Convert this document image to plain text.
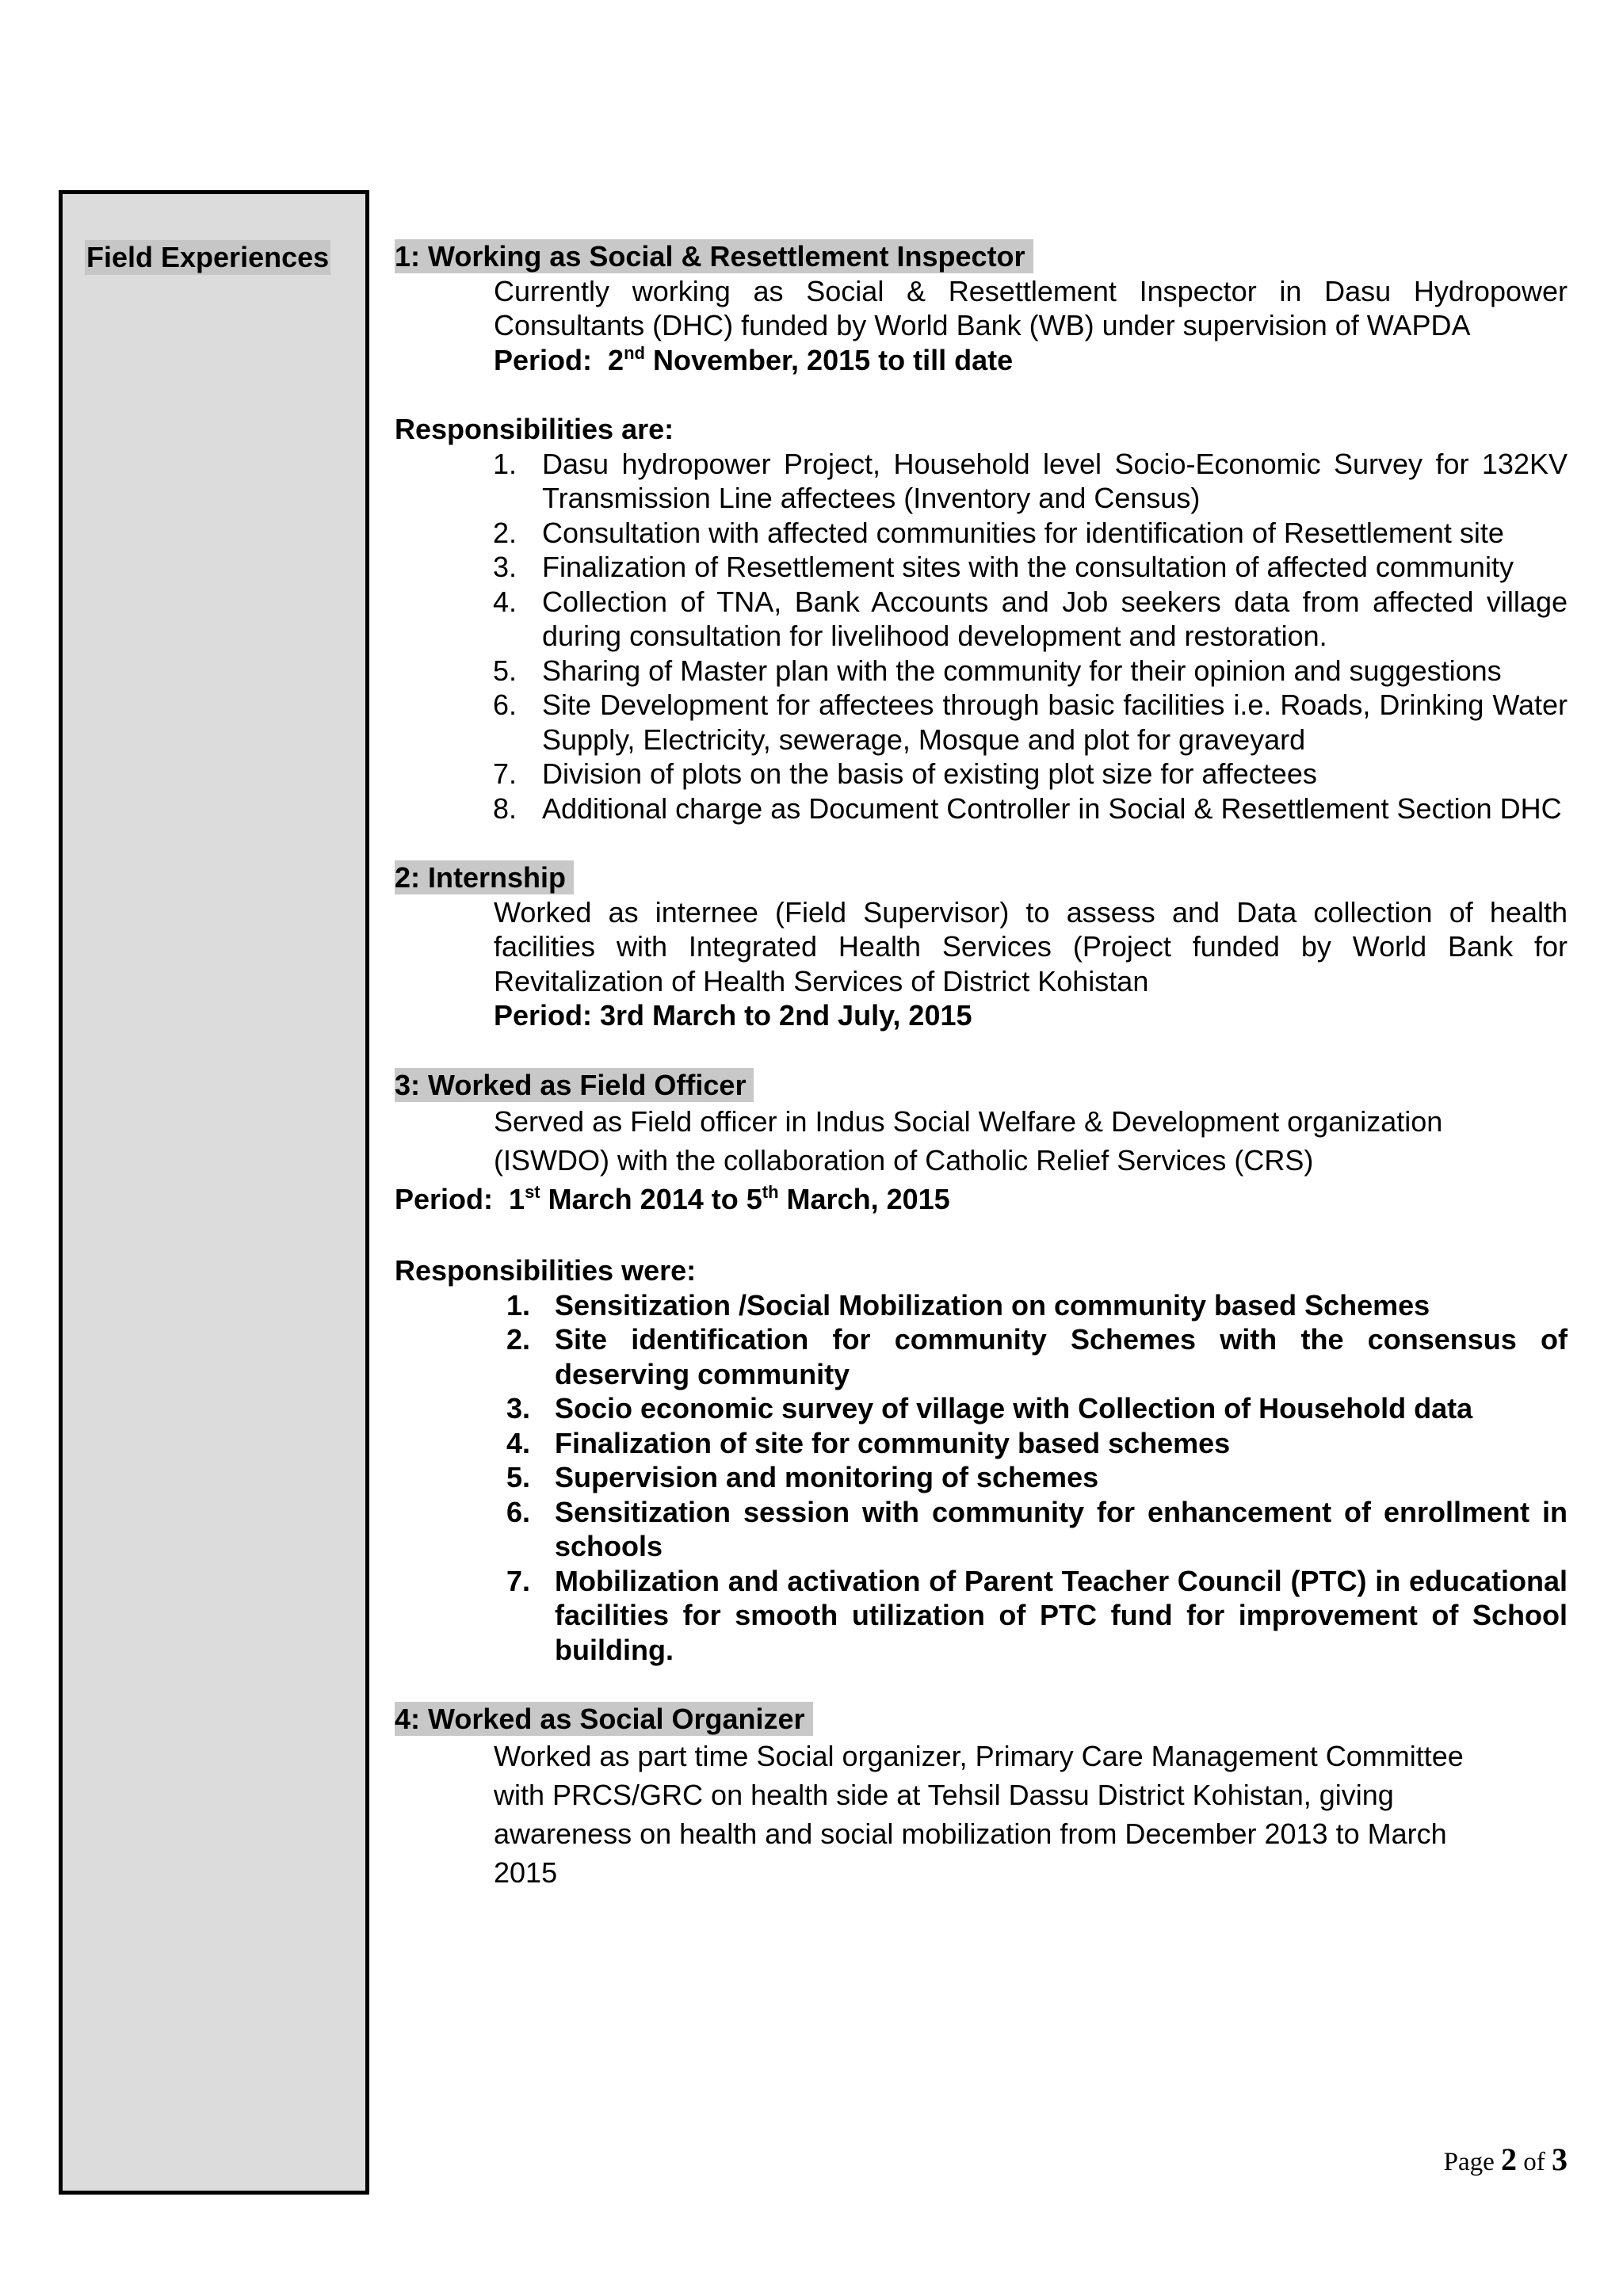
Field Experiences 1: Working as Social & Resettlement Inspector
Currently working as Social & Resettlement Inspector in Dasu Hydropower Consultants (DHC) funded by World Bank (WB) under supervision of WAPDA
Period: 2nd November, 2015 to till date
Responsibilities are:
1. Dasu hydropower Project, Household level Socio-Economic Survey for 132KV Transmission Line affectees (Inventory and Census)
2. Consultation with affected communities for identification of Resettlement site
3. Finalization of Resettlement sites with the consultation of affected community
4. Collection of TNA, Bank Accounts and Job seekers data from affected village during consultation for livelihood development and restoration.
5. Sharing of Master plan with the community for their opinion and suggestions
6. Site Development for affectees through basic facilities i.e. Roads, Drinking Water Supply, Electricity, sewerage, Mosque and plot for graveyard
7. Division of plots on the basis of existing plot size for affectees
8. Additional charge as Document Controller in Social & Resettlement Section DHC
2: Internship
Worked as internee (Field Supervisor) to assess and Data collection of health facilities with Integrated Health Services (Project funded by World Bank for Revitalization of Health Services of District Kohistan
Period: 3rd March to 2nd July, 2015
3: Worked as Field Officer
Served as Field officer in Indus Social Welfare & Development organization
(ISWDO) with the collaboration of Catholic Relief Services (CRS)
Period: 1st March 2014 to 5th March, 2015
Responsibilities were:
1. Sensitization /Social Mobilization on community based Schemes
2. Site identification for community Schemes with the consensus of deserving community
3. Socio economic survey of village with Collection of Household data
4. Finalization of site for community based schemes
5. Supervision and monitoring of schemes
6. Sensitization session with community for enhancement of enrollment in schools
7. Mobilization and activation of Parent Teacher Council (PTC) in educational facilities for smooth utilization of PTC fund for improvement of School building.
4: Worked as Social Organizer
Worked as part time Social organizer, Primary Care Management Committee
with PRCS/GRC on health side at Tehsil Dassu District Kohistan, giving
awareness on health and social mobilization from December 2013 to March
2015
Page 2 of 3
